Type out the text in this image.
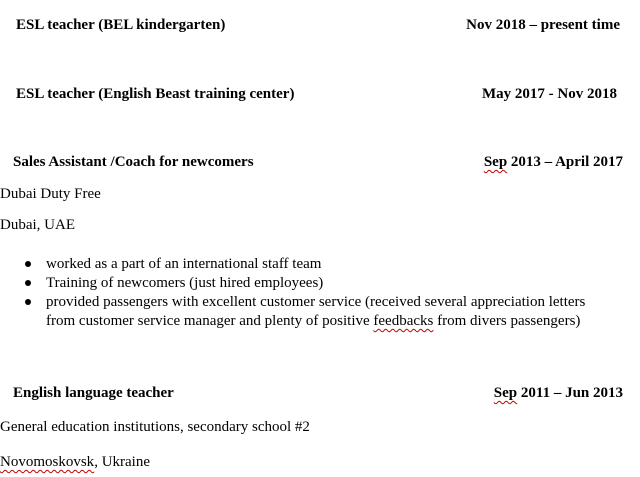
ESL teacher (BEL kindergarten)	Nov 2018 – present time
ESL teacher (English Beast training center)	May 2017 - Nov 2018
Sales Assistant /Coach for newcomers	Sep 2013 – April 2017
Dubai Duty Free
Dubai, UAE
worked as a part of an international staff team
Training of newcomers (just hired employees)
provided passengers with excellent customer service (received several appreciation letters
from customer service manager and plenty of positive feedbacks from divers passengers)
English language teacher	Sep 2011 – Jun 2013
General education institutions, secondary school #2
Novomoskovsk, Ukraine
